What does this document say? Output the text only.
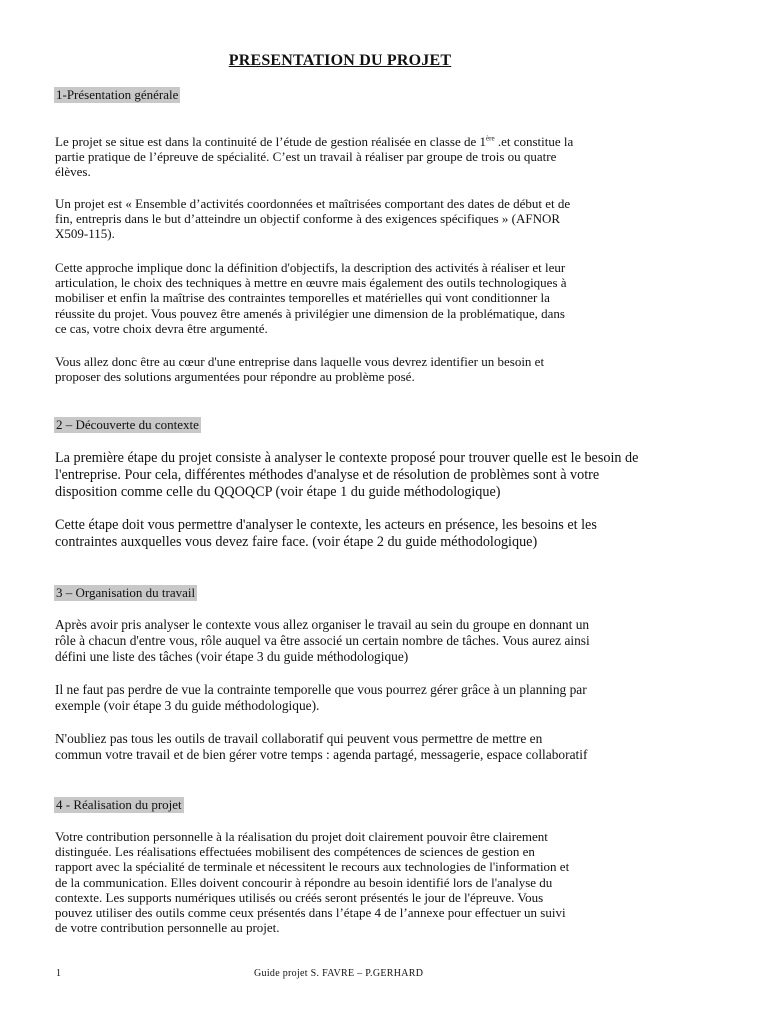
PRESENTATION DU PROJET
1-Présentation générale
Le projet se situe est dans la continuité de l’étude de gestion réalisée en classe de 1ère .et constitue la
partie pratique de l’épreuve de spécialité. C’est un travail à réaliser par groupe de trois ou quatre
élèves.
Un projet est « Ensemble d’activités coordonnées et maîtrisées comportant des dates de début et de
fin, entrepris dans le but d’atteindre un objectif conforme à des exigences spécifiques » (AFNOR
X509-115).
Cette approche implique donc la définition d'objectifs, la description des activités à réaliser et leur
articulation, le choix des techniques à mettre en œuvre mais également des outils technologiques à
mobiliser et enfin la maîtrise des contraintes temporelles et matérielles qui vont conditionner la
réussite du projet. Vous pouvez être amenés à privilégier une dimension de la problématique, dans
ce cas, votre choix devra être argumenté.
Vous allez donc être au cœur d'une entreprise dans laquelle vous devrez identifier un besoin et
proposer des solutions argumentées pour répondre au problème posé.
2 – Découverte du contexte
La première étape du projet consiste à analyser le contexte proposé pour trouver quelle est le besoin de
l'entreprise. Pour cela, différentes méthodes d'analyse et de résolution de problèmes sont à votre
disposition comme celle du QQOQCP (voir étape 1 du guide méthodologique)
Cette étape doit vous permettre d'analyser le contexte, les acteurs en présence, les besoins et les
contraintes auxquelles vous devez faire face. (voir étape 2 du guide méthodologique)
3 – Organisation du travail
Après avoir pris analyser le contexte vous allez organiser le travail au sein du groupe en donnant un
rôle à chacun d'entre vous, rôle auquel va être associé un certain nombre de tâches. Vous aurez ainsi
défini une liste des tâches (voir étape 3 du guide méthodologique)
Il ne faut pas perdre de vue la contrainte temporelle que vous pourrez gérer grâce à un planning par
exemple (voir étape 3 du guide méthodologique).
N'oubliez pas tous les outils de travail collaboratif qui peuvent vous permettre de mettre en
commun votre travail et de bien gérer votre temps : agenda partagé, messagerie, espace collaboratif
4 - Réalisation du projet
Votre contribution personnelle à la réalisation du projet doit clairement pouvoir être clairement
distinguée. Les réalisations effectuées mobilisent des compétences de sciences de gestion en
rapport avec la spécialité de terminale et nécessitent le recours aux technologies de l'information et
de la communication. Elles doivent concourir à répondre au besoin identifié lors de l'analyse du
contexte. Les supports numériques utilisés ou créés seront présentés le jour de l'épreuve. Vous
pouvez utiliser des outils comme ceux présentés dans l’étape 4 de l’annexe pour effectuer un suivi
de votre contribution personnelle au projet.
1	Guide projet S. FAVRE – P.GERHARD
